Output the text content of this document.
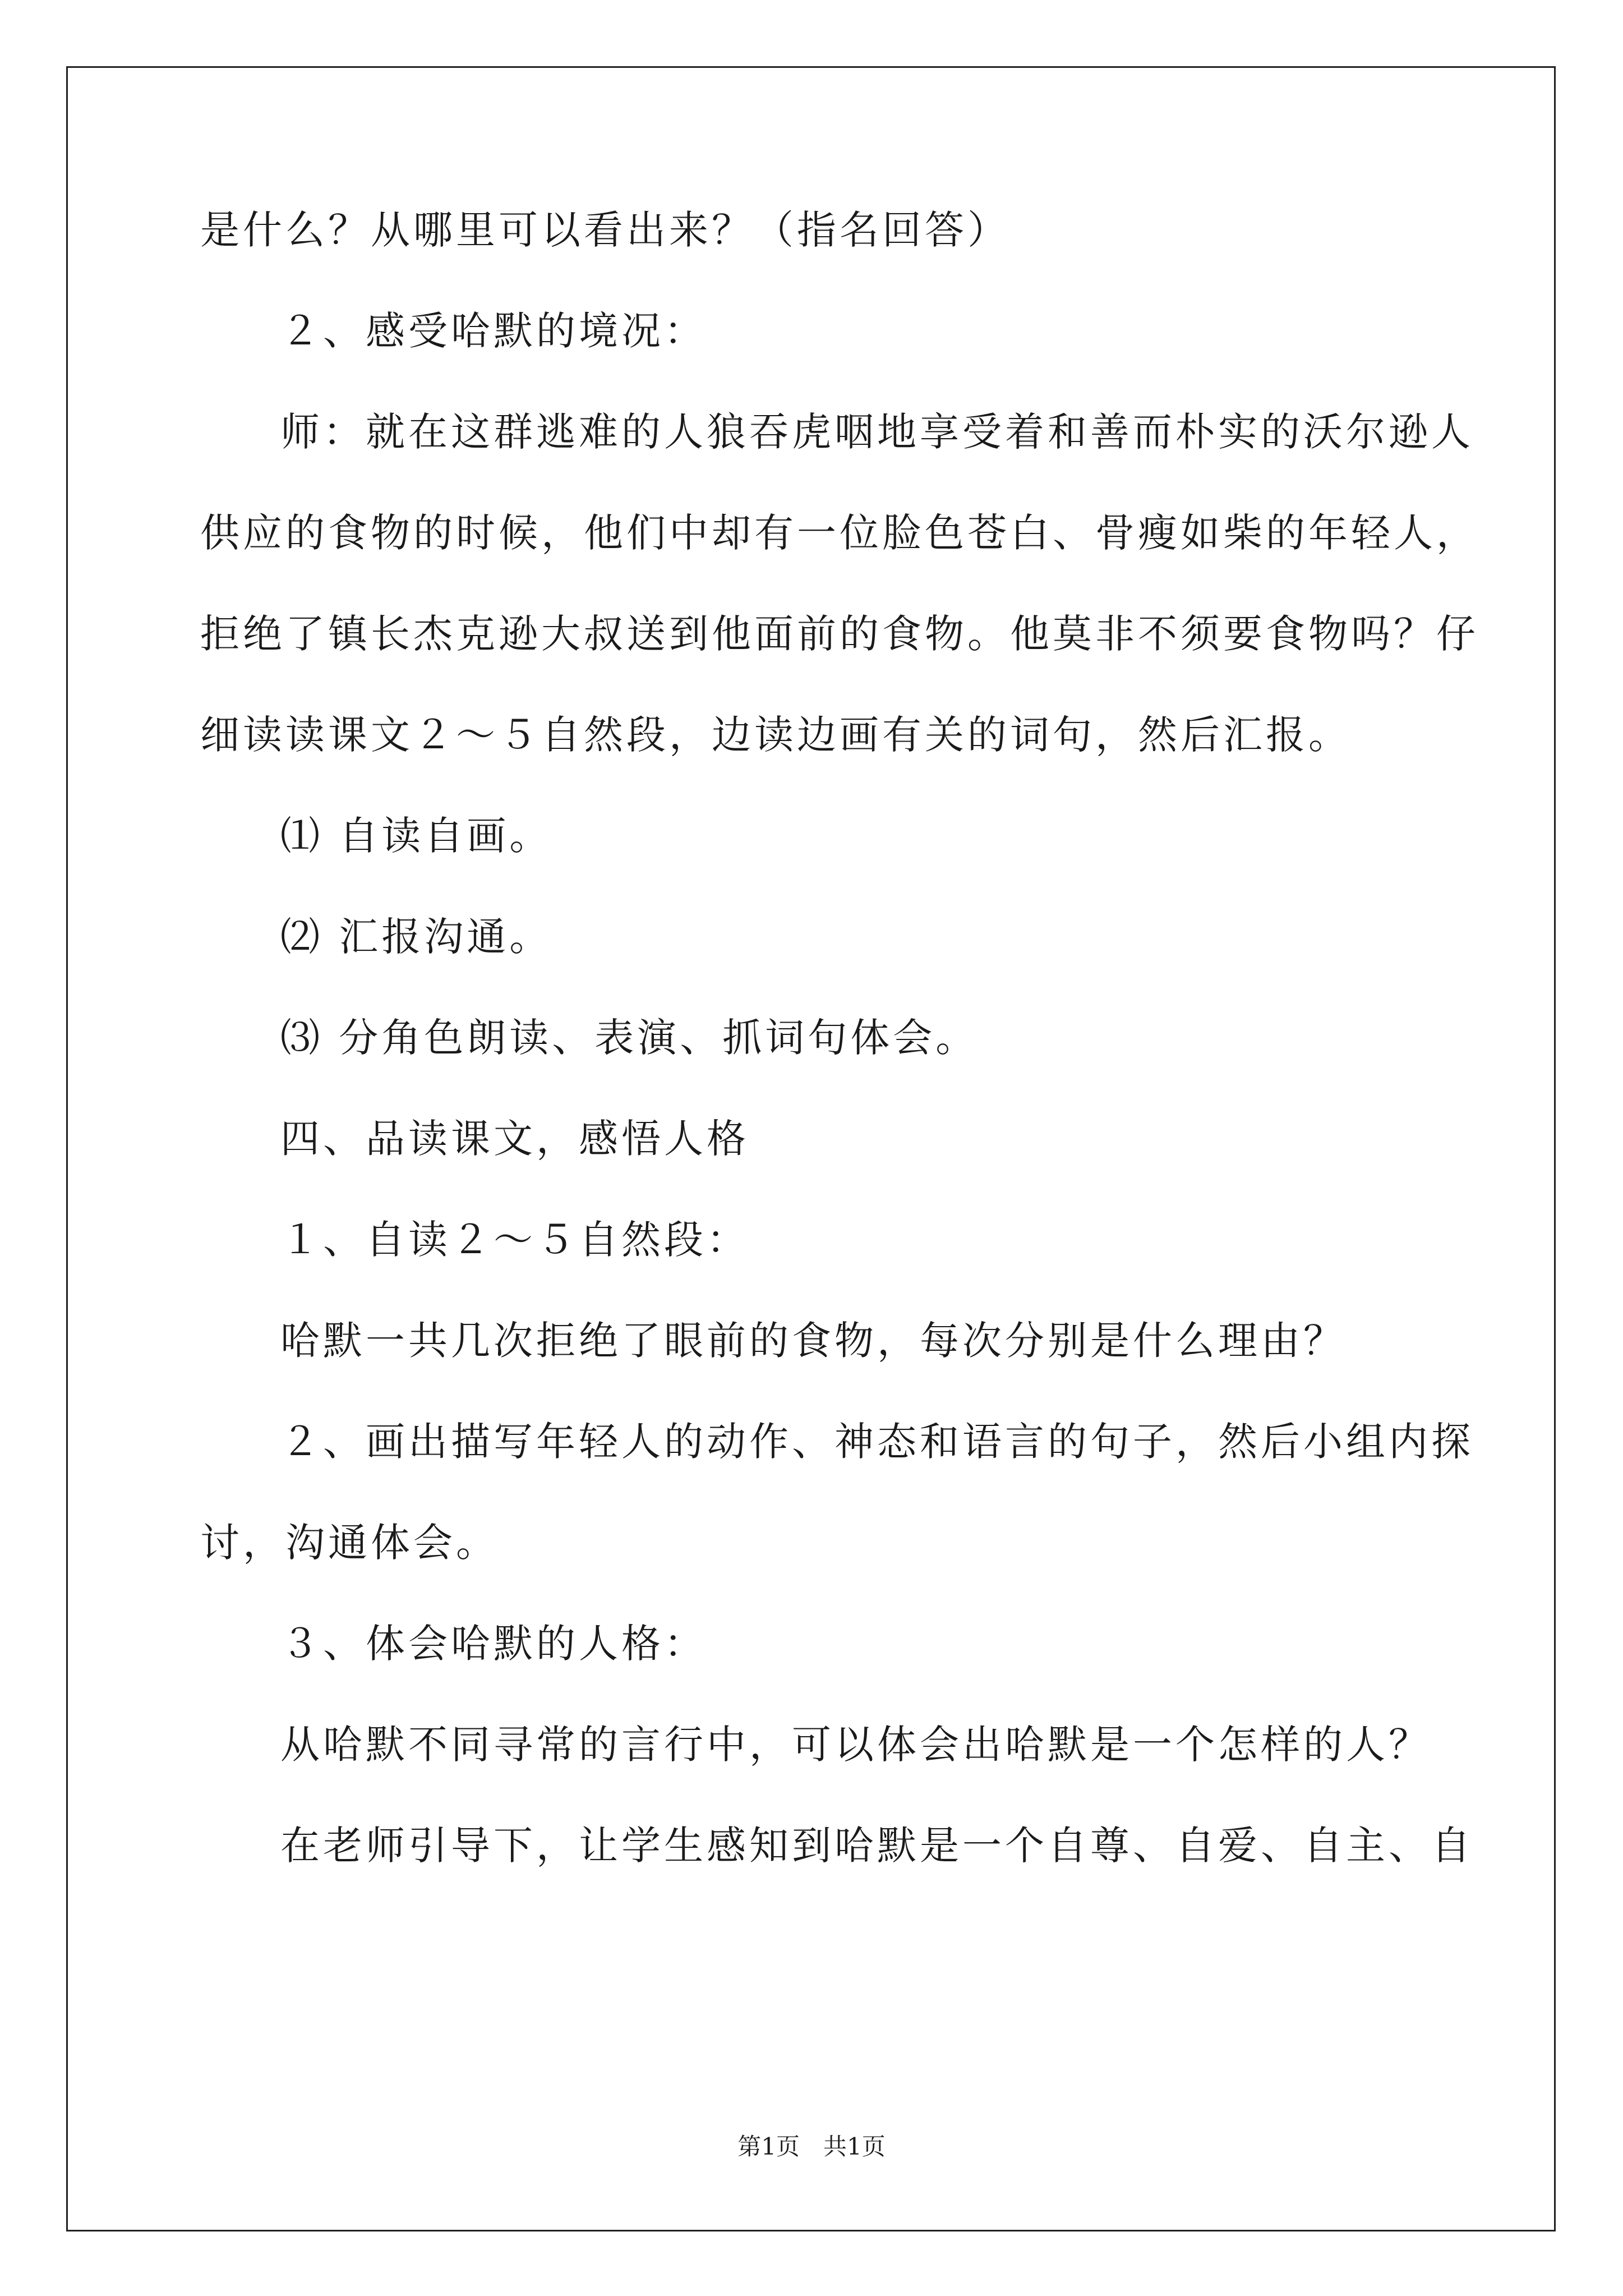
是什么？从哪里可以看出来？（指名回答）

２、感受哈默的境况：

师：就在这群逃难的人狼吞虎咽地享受着和善而朴实的沃尔逊人

供应的食物的时候，他们中却有一位脸色苍白、骨瘦如柴的年轻人，

拒绝了镇长杰克逊大叔送到他面前的食物。他莫非不须要食物吗？仔

细读读课文２～５自然段，边读边画有关的词句，然后汇报。

⑴ 自读自画。

⑵ 汇报沟通。

⑶ 分角色朗读、表演、抓词句体会。

四、品读课文，感悟人格

１、自读２～５自然段：

哈默一共几次拒绝了眼前的食物，每次分别是什么理由？

２、画出描写年轻人的动作、神态和语言的句子，然后小组内探

讨，沟通体会。

３、体会哈默的人格：

从哈默不同寻常的言行中，可以体会出哈默是一个怎样的人？

在老师引导下，让学生感知到哈默是一个自尊、自爱、自主、自

第1页　共1页
